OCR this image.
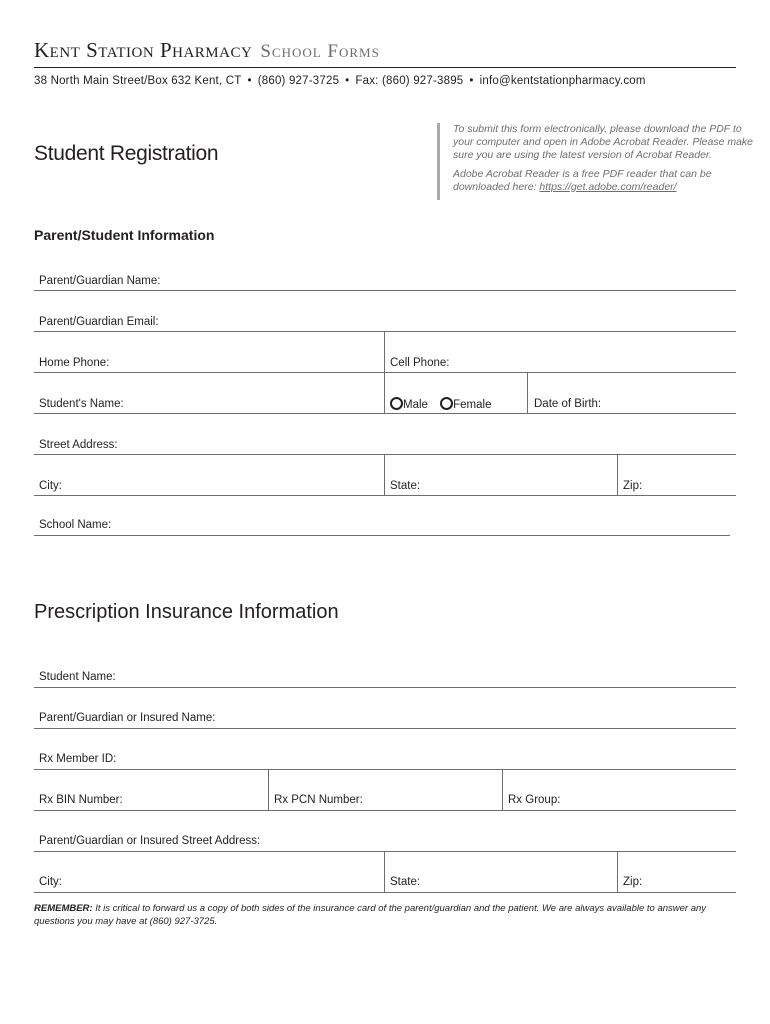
Kent Station Pharmacy School Forms
38 North Main Street/Box 632 Kent, CT • (860) 927-3725 • Fax: (860) 927-3895 • info@kentstationpharmacy.com
Student Registration

To submit this form electronically, please download the PDF to your computer and open in Adobe Acrobat Reader. Please make sure you are using the latest version of Acrobat Reader.

Adobe Acrobat Reader is a free PDF reader that can be downloaded here: https://get.adobe.com/reader/

Parent/Student Information
Parent/Guardian Name:
Parent/Guardian Email:
Home Phone:	Cell Phone:
Student's Name:	Male Female	Date of Birth:
Street Address:
City:	State:	Zip:
School Name:
Prescription Insurance Information
Student Name:
Parent/Guardian or Insured Name:
Rx Member ID:
Rx BIN Number:	Rx PCN Number:	Rx Group:
Parent/Guardian or Insured Street Address:
City:	State:	Zip:
REMEMBER: It is critical to forward us a copy of both sides of the insurance card of the parent/guardian and the patient. We are always available to answer any questions you may have at (860) 927-3725.
